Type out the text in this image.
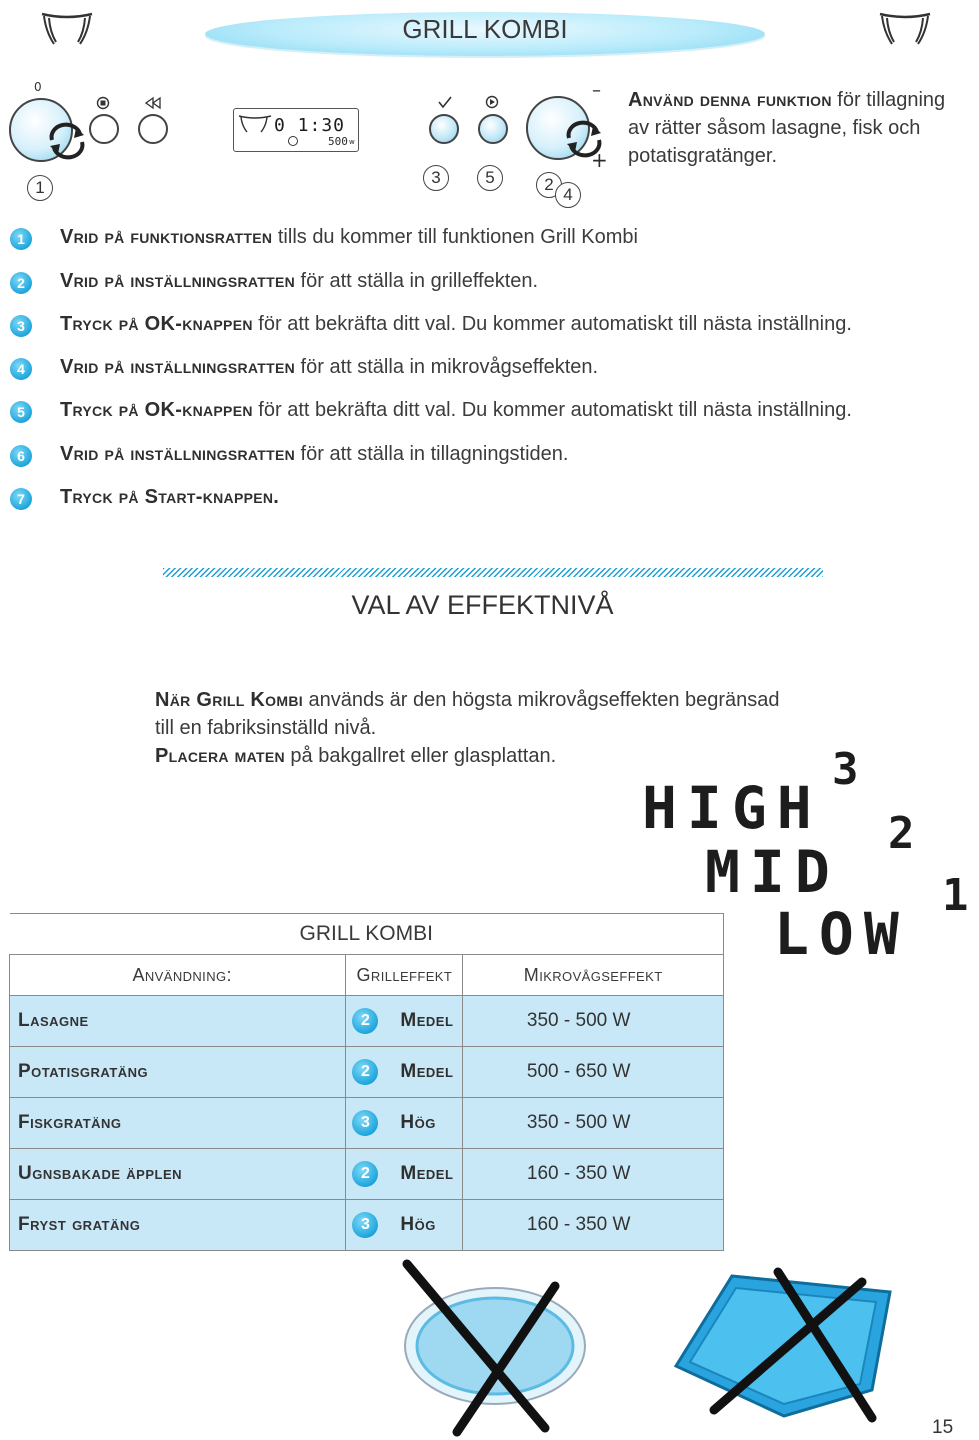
GRILL KOMBI
0
0 1:30
500 w
–
+
1
3	5	2
4
Använd denna funktion för tillagning av rätter såsom lasagne, fisk och potatisgratänger.
1	Vrid på funktionsratten tills du kommer till funktionen Grill Kombi
2	Vrid på inställningsratten för att ställa in grilleffekten.
3	Tryck på OK-knappen för att bekräfta ditt val. Du kommer automatiskt till nästa inställning.
4	Vrid på inställningsratten för att ställa in mikrovågseffekten.
5	Tryck på OK-knappen för att bekräfta ditt val. Du kommer automatiskt till nästa inställning.
6	Vrid på inställningsratten för att ställa in tillagningstiden.
7	Tryck på Start-knappen.
VAL AV EFFEKTNIVÅ
När Grill Kombi används är den högsta mikrovågseffekten begränsad till en fabriksinställd nivå.
Placera maten på bakgallret eller glasplattan.
HIGH
3
MID
2
LOW
1
GRILL KOMBI		
Användning:	Grilleffekt	Mikrovågseffekt
Lasagne	2 Medel	350 - 500 W
Potatisgratäng	2 Medel	500 - 650 W
Fiskgratäng	3 Hög	350 - 500 W
Ugnsbakade äpplen	2 Medel	160 - 350 W
Fryst gratäng	3 Hög	160 - 350 W
15
